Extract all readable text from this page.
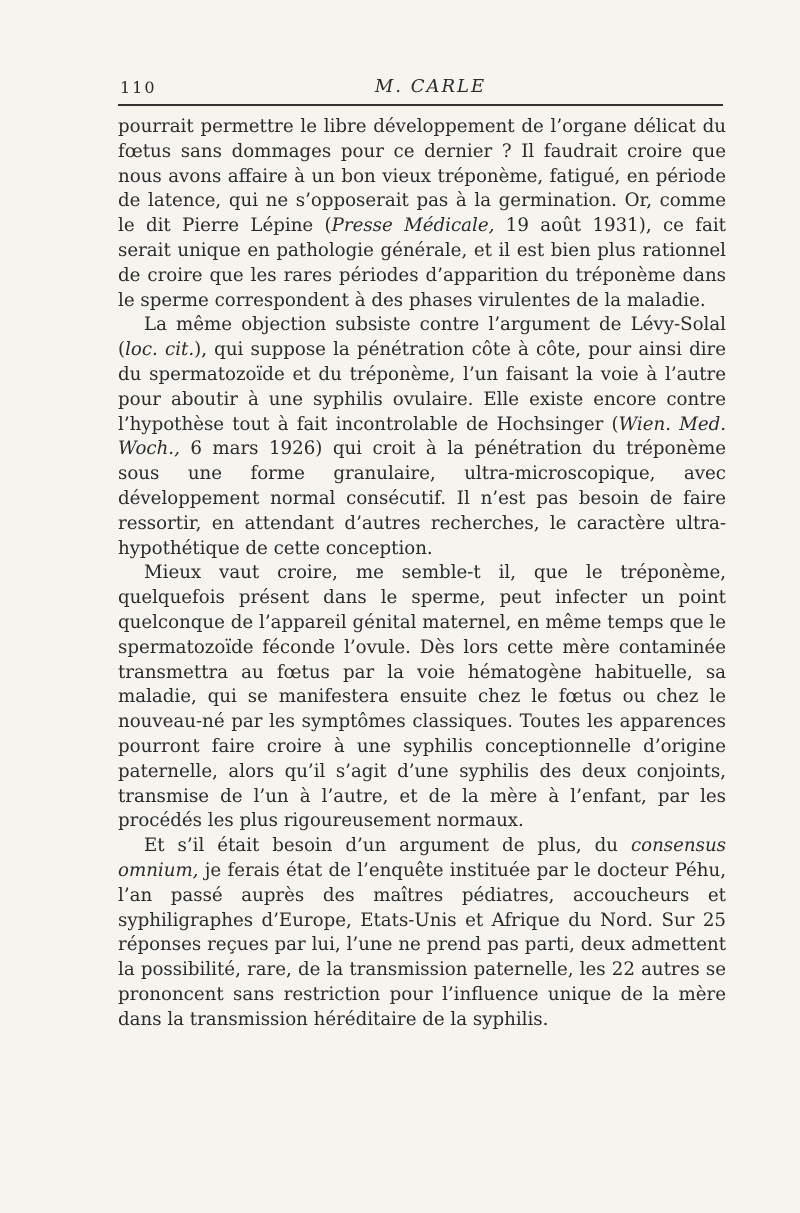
110	M. CARLE

pourrait permettre le libre développement de l’organe délicat du fœtus sans dommages pour ce dernier ? Il faudrait croire que nous avons affaire à un bon vieux tréponème, fatigué, en période de latence, qui ne s’opposerait pas à la germination. Or, comme le dit Pierre Lépine (Presse Médicale, 19 août 1931), ce fait serait unique en pathologie générale, et il est bien plus rationnel de croire que les rares périodes d’apparition du tréponème dans le sperme correspondent à des phases virulentes de la maladie.

La même objection subsiste contre l’argument de Lévy-Solal (loc. cit.), qui suppose la pénétration côte à côte, pour ainsi dire du spermatozoïde et du tréponème, l’un faisant la voie à l’autre pour aboutir à une syphilis ovulaire. Elle existe encore contre l’hypothèse tout à fait incontrolable de Hochsinger (Wien. Med. Woch., 6 mars 1926) qui croit à la pénétration du tréponème sous une forme granulaire, ultra-microscopique, avec développement normal consécutif. Il n’est pas besoin de faire ressortir, en attendant d’autres recherches, le caractère ultra-hypothétique de cette conception.

Mieux vaut croire, me semble-t il, que le tréponème, quelquefois présent dans le sperme, peut infecter un point quelconque de l’appareil génital maternel, en même temps que le spermatozoïde féconde l’ovule. Dès lors cette mère contaminée transmettra au fœtus par la voie hématogène habituelle, sa maladie, qui se manifestera ensuite chez le fœtus ou chez le nouveau-né par les symptômes classiques. Toutes les apparences pourront faire croire à une syphilis conceptionnelle d’origine paternelle, alors qu’il s’agit d’une syphilis des deux conjoints, transmise de l’un à l’autre, et de la mère à l’enfant, par les procédés les plus rigoureusement normaux.

Et s’il était besoin d’un argument de plus, du consensus omnium, je ferais état de l’enquête instituée par le docteur Péhu, l’an passé auprès des maîtres pédiatres, accoucheurs et syphiligraphes d’Europe, Etats-Unis et Afrique du Nord. Sur 25 réponses reçues par lui, l’une ne prend pas parti, deux admettent la possibilité, rare, de la transmission paternelle, les 22 autres se prononcent sans restriction pour l’influence unique de la mère dans la transmission héréditaire de la syphilis.
